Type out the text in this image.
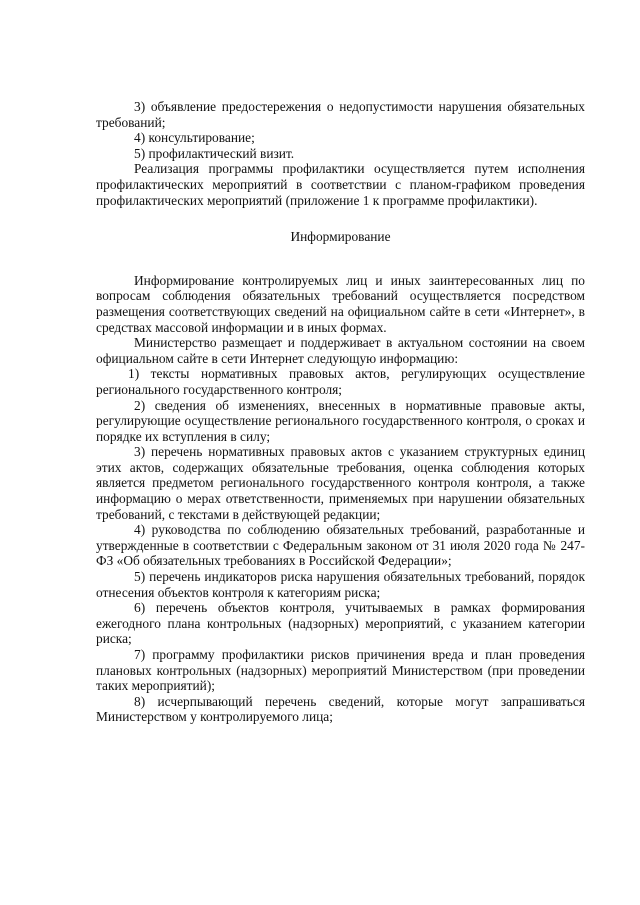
3) объявление предостережения о недопустимости нарушения обязательных требований;

4) консультирование;

5) профилактический визит.

Реализация программы профилактики осуществляется путем исполнения профилактических мероприятий в соответствии с планом-графиком проведения профилактических мероприятий (приложение 1 к программе профилактики).

Информирование

Информирование контролируемых лиц и иных заинтересованных лиц по вопросам соблюдения обязательных требований осуществляется посредством размещения соответствующих сведений на официальном сайте в сети «Интернет», в средствах массовой информации и в иных формах.

Министерство размещает и поддерживает в актуальном состоянии на своем официальном сайте в сети Интернет следующую информацию:

1) тексты нормативных правовых актов, регулирующих осуществление регионального государственного контроля;

2) сведения об изменениях, внесенных в нормативные правовые акты, регулирующие осуществление регионального государственного контроля, о сроках и порядке их вступления в силу;

3) перечень нормативных правовых актов с указанием структурных единиц этих актов, содержащих обязательные требования, оценка соблюдения которых является предметом регионального государственного контроля контроля, а также информацию о мерах ответственности, применяемых при нарушении обязательных требований, с текстами в действующей редакции;

4) руководства по соблюдению обязательных требований, разработанные и утвержденные в соответствии с Федеральным законом от 31 июля 2020 года № 247-ФЗ «Об обязательных требованиях в Российской Федерации»;

5) перечень индикаторов риска нарушения обязательных требований, порядок отнесения объектов контроля к категориям риска;

6) перечень объектов контроля, учитываемых в рамках формирования ежегодного плана контрольных (надзорных) мероприятий, с указанием категории риска;

7) программу профилактики рисков причинения вреда и план проведения плановых контрольных (надзорных) мероприятий Министерством (при проведении таких мероприятий);

8) исчерпывающий перечень сведений, которые могут запрашиваться Министерством у контролируемого лица;
